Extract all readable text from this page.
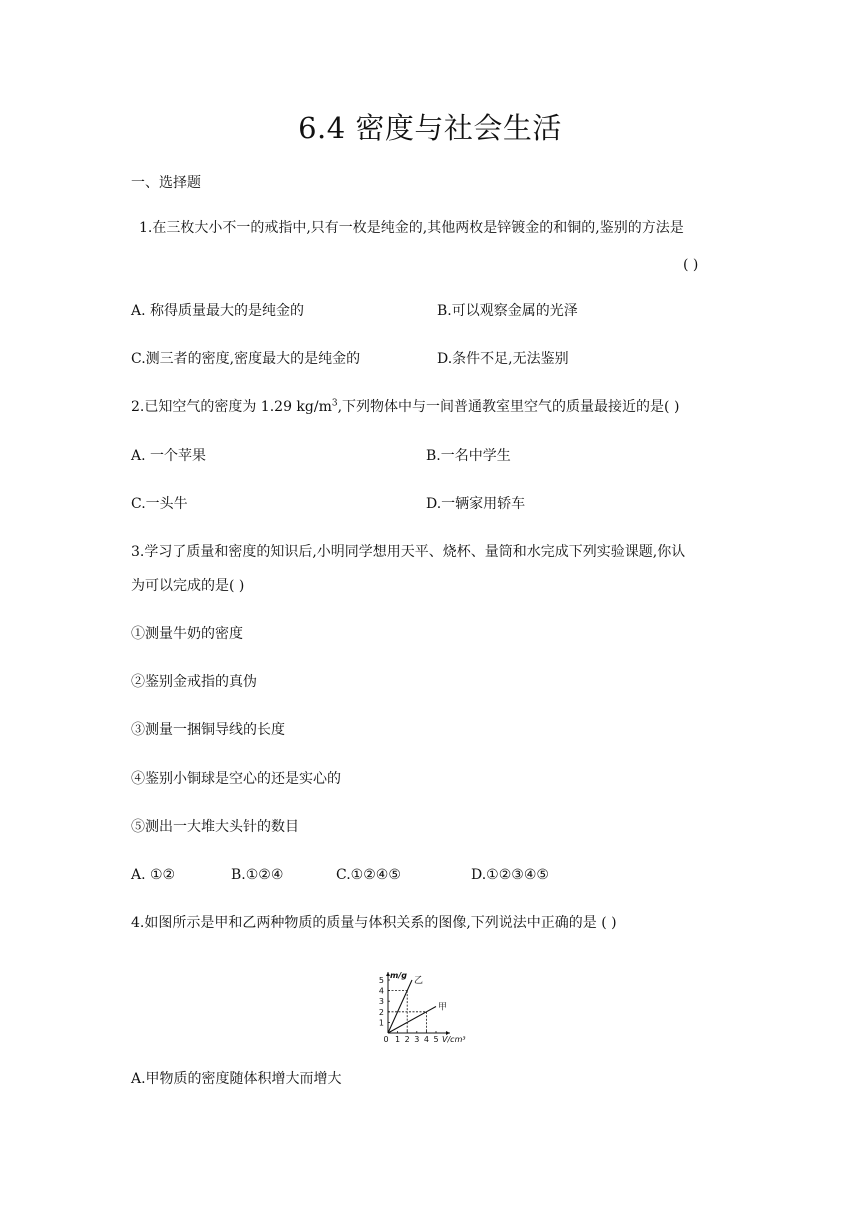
6.4 密度与社会生活
一、选择题
1.在三枚大小不一的戒指中,只有一枚是纯金的,其他两枚是锌镀金的和铜的,鉴别的方法是
( )
A. 称得质量最大的是纯金的	B.可以观察金属的光泽
C.测三者的密度,密度最大的是纯金的	D.条件不足,无法鉴别
2.已知空气的密度为 1.29 $kg/m^3$,下列物体中与一间普通教室里空气的质量最接近的是( )
A. 一个苹果	B.一名中学生
C.一头牛	D.一辆家用轿车
3.学习了质量和密度的知识后,小明同学想用天平、烧杯、量筒和水完成下列实验课题,你认
为可以完成的是( )
①测量牛奶的密度
②鉴别金戒指的真伪
③测量一捆铜导线的长度
④鉴别小铜球是空心的还是实心的
⑤测出一大堆大头针的数目
A. ①②	B.①②④	C.①②④⑤	D.①②③④⑤
4.如图所示是甲和乙两种物质的质量与体积关系的图像,下列说法中正确的是 ( )
0 1 2 3 4 5
1
2
3
4
5	乙
甲
m/g
V/cm³
A.甲物质的密度随体积增大而增大
